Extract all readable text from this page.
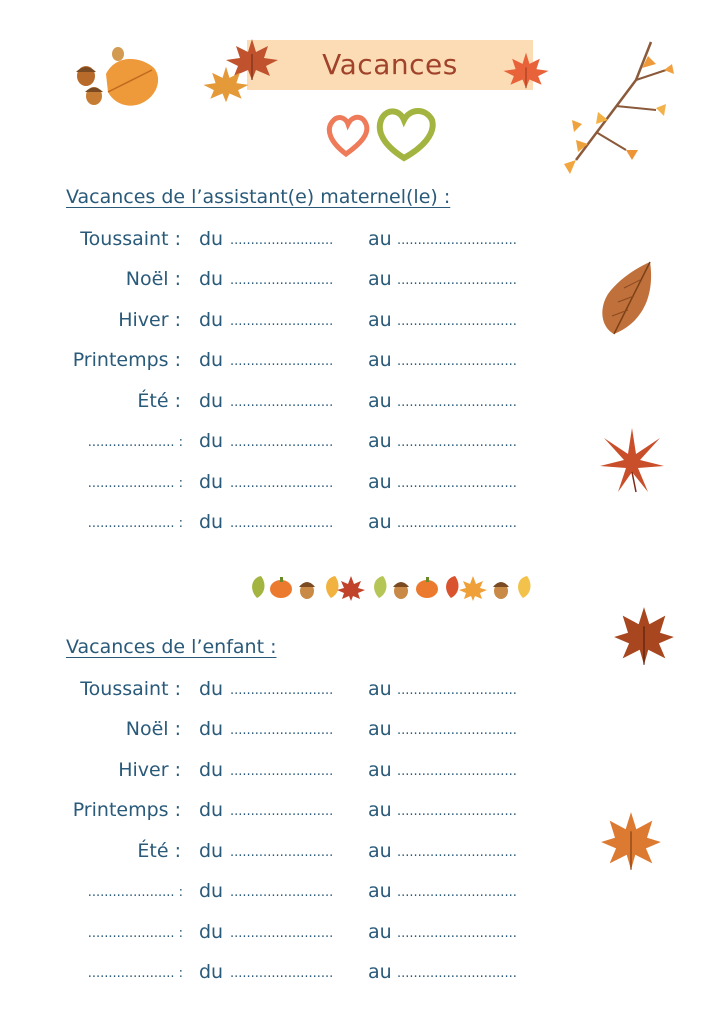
Vacances
Vacances de l’assistant(e) maternel(le) :
Toussaint : du ......................... au .............................
Noël : du ......................... au .............................
Hiver : du ......................... au .............................
Printemps : du ......................... au .............................
Été : du ......................... au .............................
..................... : du ......................... au .............................
..................... : du ......................... au .............................
..................... : du ......................... au .............................
Vacances de l’enfant :
Toussaint : du ......................... au .............................
Noël : du ......................... au .............................
Hiver : du ......................... au .............................
Printemps : du ......................... au .............................
Été : du ......................... au .............................
..................... : du ......................... au .............................
..................... : du ......................... au .............................
..................... : du ......................... au .............................
